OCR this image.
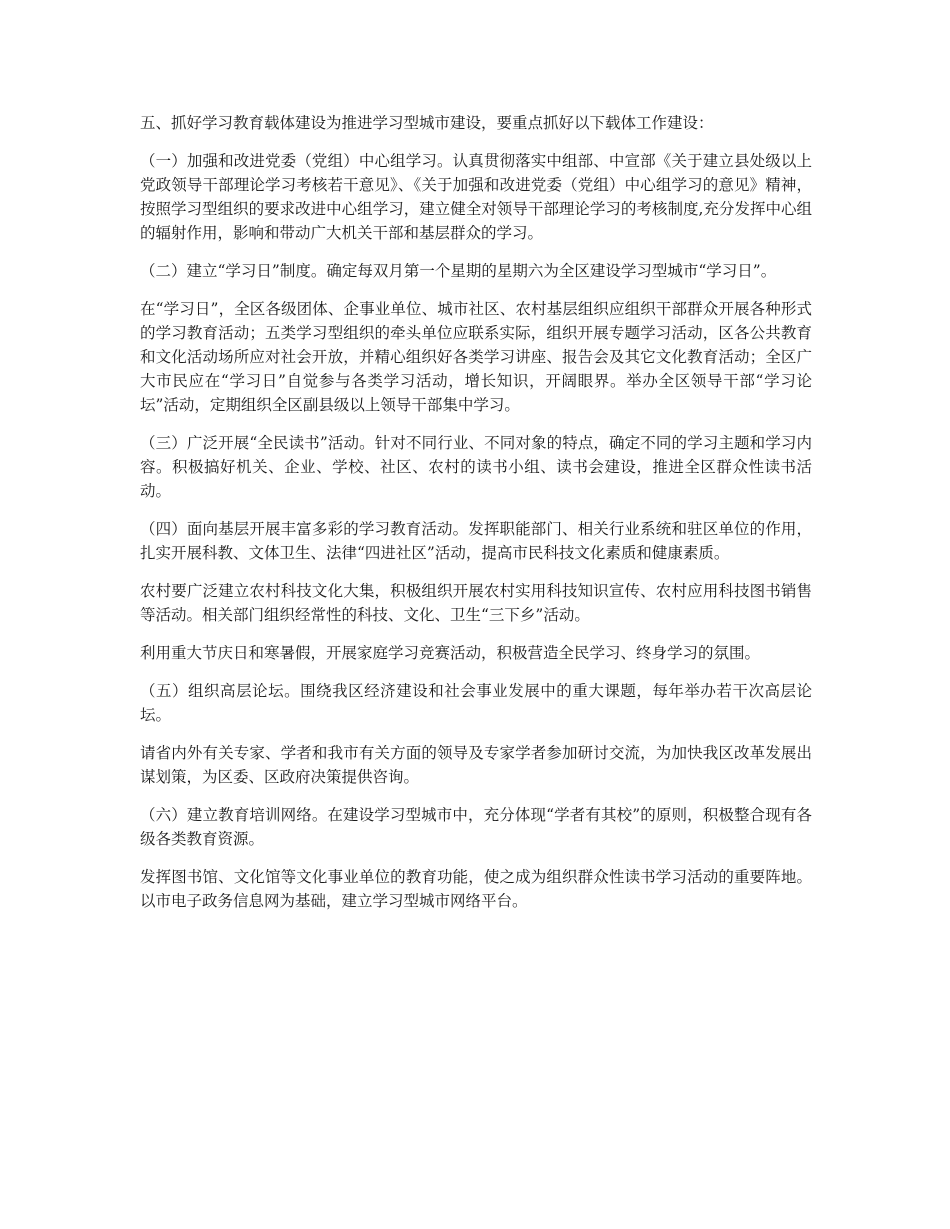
五、抓好学习教育载体建设为推进学习型城市建设，要重点抓好以下载体工作建设：

（一）加强和改进党委（党组）中心组学习。认真贯彻落实中组部、中宣部《关于建立县处级以上党政领导干部理论学习考核若干意见》、《关于加强和改进党委（党组）中心组学习的意见》精神，按照学习型组织的要求改进中心组学习，建立健全对领导干部理论学习的考核制度,充分发挥中心组的辐射作用，影响和带动广大机关干部和基层群众的学习。

（二）建立“学习日”制度。确定每双月第一个星期的星期六为全区建设学习型城市“学习日”。

在“学习日”，全区各级团体、企事业单位、城市社区、农村基层组织应组织干部群众开展各种形式的学习教育活动；五类学习型组织的牵头单位应联系实际，组织开展专题学习活动，区各公共教育和文化活动场所应对社会开放，并精心组织好各类学习讲座、报告会及其它文化教育活动；全区广大市民应在“学习日”自觉参与各类学习活动，增长知识，开阔眼界。举办全区领导干部“学习论坛”活动，定期组织全区副县级以上领导干部集中学习。

（三）广泛开展“全民读书”活动。针对不同行业、不同对象的特点，确定不同的学习主题和学习内容。积极搞好机关、企业、学校、社区、农村的读书小组、读书会建设，推进全区群众性读书活动。

（四）面向基层开展丰富多彩的学习教育活动。发挥职能部门、相关行业系统和驻区单位的作用，扎实开展科教、文体卫生、法律“四进社区”活动，提高市民科技文化素质和健康素质。

农村要广泛建立农村科技文化大集，积极组织开展农村实用科技知识宣传、农村应用科技图书销售等活动。相关部门组织经常性的科技、文化、卫生“三下乡”活动。

利用重大节庆日和寒暑假，开展家庭学习竞赛活动，积极营造全民学习、终身学习的氛围。

（五）组织高层论坛。围绕我区经济建设和社会事业发展中的重大课题，每年举办若干次高层论坛。

请省内外有关专家、学者和我市有关方面的领导及专家学者参加研讨交流，为加快我区改革发展出谋划策，为区委、区政府决策提供咨询。

（六）建立教育培训网络。在建设学习型城市中，充分体现“学者有其校”的原则，积极整合现有各级各类教育资源。

发挥图书馆、文化馆等文化事业单位的教育功能，使之成为组织群众性读书学习活动的重要阵地。以市电子政务信息网为基础，建立学习型城市网络平台。
